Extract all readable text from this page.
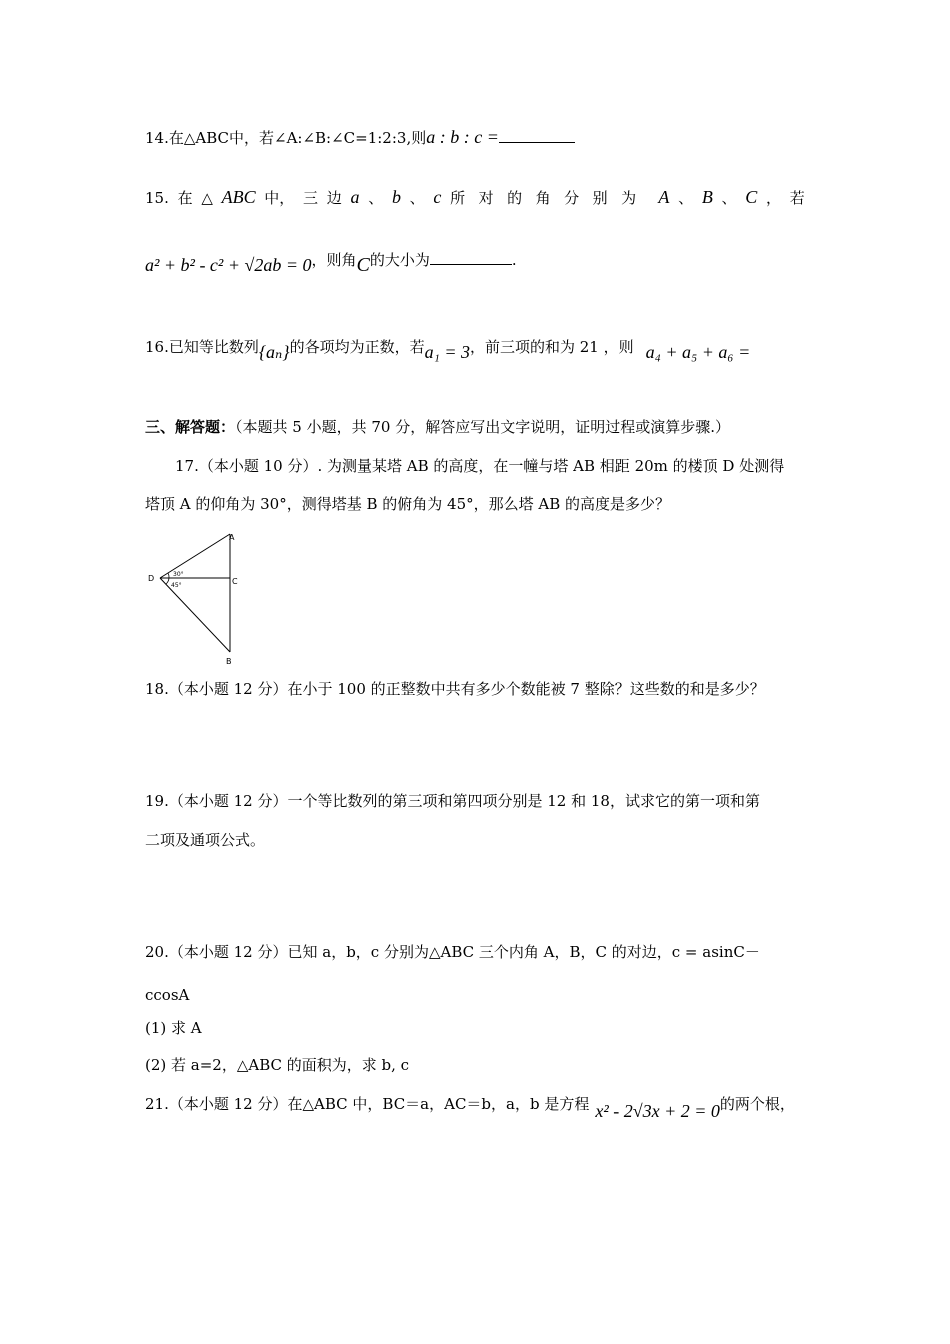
14.在△ABC中，若∠A:∠B:∠C=1:2:3,则a : b : c =
15. 在 △ ABC 中， 三 边 a 、 b 、 c 所对的角分别为 A 、 B 、 C ， 若
a² + b² - c² + √2ab = 0，则角C的大小为	.
16.已知等比数列{aₙ}的各项均为正数，若a₁ = 3，前三项的和为 21 ，则 a₄ + a₅ + a₆ =
三、解答题：（本题共 5 小题，共 70 分，解答应写出文字说明，证明过程或演算步骤.）
17.（本小题 10 分）. 为测量某塔 AB 的高度，在一幢与塔 AB 相距 20m 的楼顶 D 处测得
塔顶 A 的仰角为 30°，测得塔基 B 的俯角为 45°，那么塔 AB 的高度是多少？
A
C
B
D	30°
45°
18.（本小题 12 分）在小于 100 的正整数中共有多少个数能被 7 整除？这些数的和是多少？
19.（本小题 12 分）一个等比数列的第三项和第四项分别是 12 和 18，试求它的第一项和第
二项及通项公式。
20.（本小题 12 分）已知 a，b，c 分别为△ABC 三个内角 A，B，C 的对边，c = asinC－
ccosA
(1) 求 A
(2) 若 a=2，△ABC 的面积为，求 b, c
21.（本小题 12 分）在△ABC 中，BC＝a，AC＝b，a，b 是方程 x² - 2√3x + 2 = 0的两个根，
